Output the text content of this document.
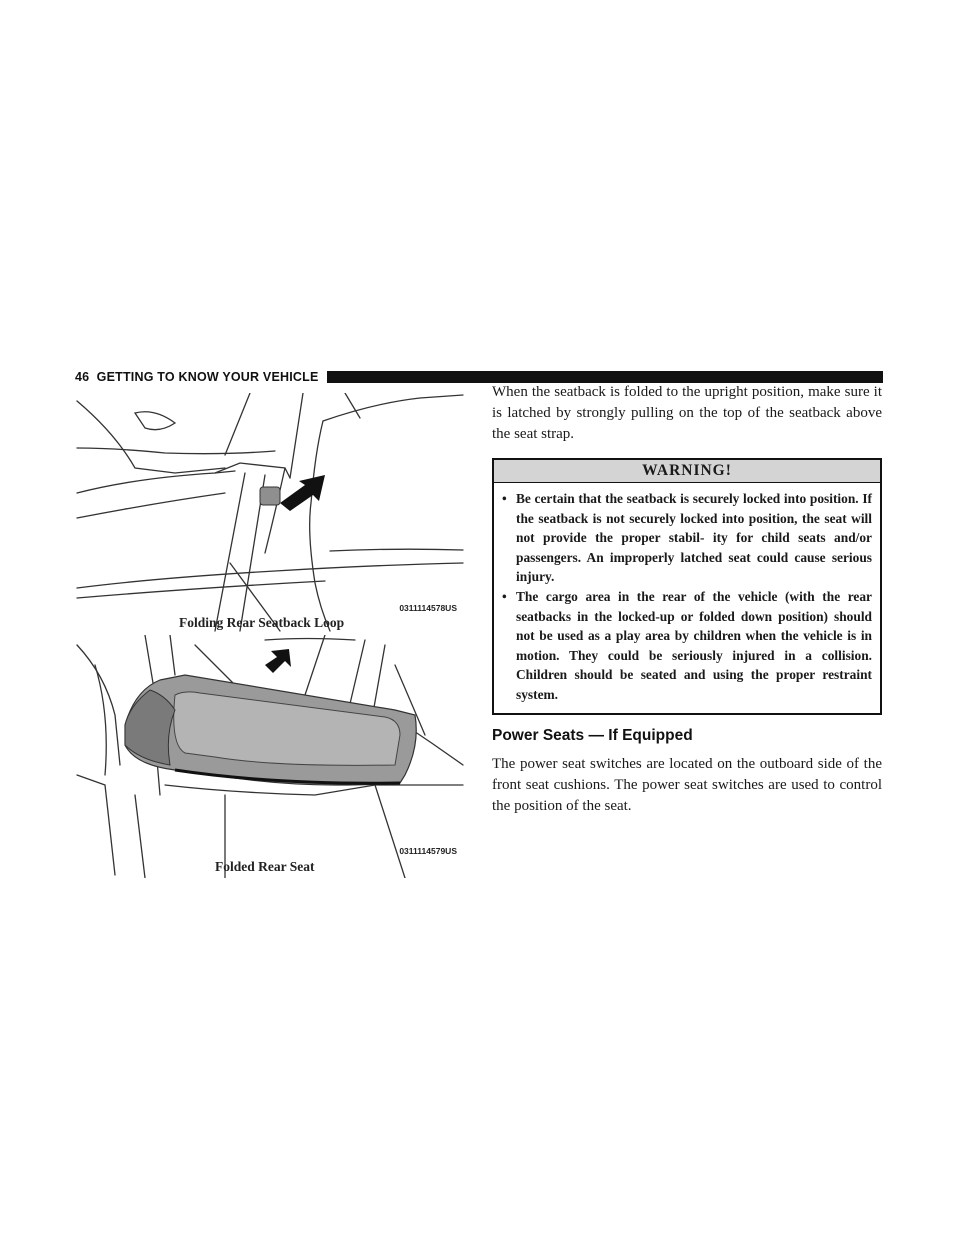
46 GETTING TO KNOW YOUR VEHICLE
0311114578US
Folding Rear Seatback Loop
0311114579US
Folded Rear Seat

When the seatback is folded to the upright position, make sure it is latched by strongly pulling on the top of the seatback above the seat strap.

WARNING!
• Be certain that the seatback is securely locked into position. If the seatback is not securely locked into position, the seat will not provide the proper stabil- ity for child seats and/or passengers. An improperly latched seat could cause serious injury.
• The cargo area in the rear of the vehicle (with the rear seatbacks in the locked-up or folded down position) should not be used as a play area by children when the vehicle is in motion. They could be seriously injured in a collision. Children should be seated and using the proper restraint system.
Power Seats — If Equipped

The power seat switches are located on the outboard side of the front seat cushions. The power seat switches are used to control the position of the seat.
